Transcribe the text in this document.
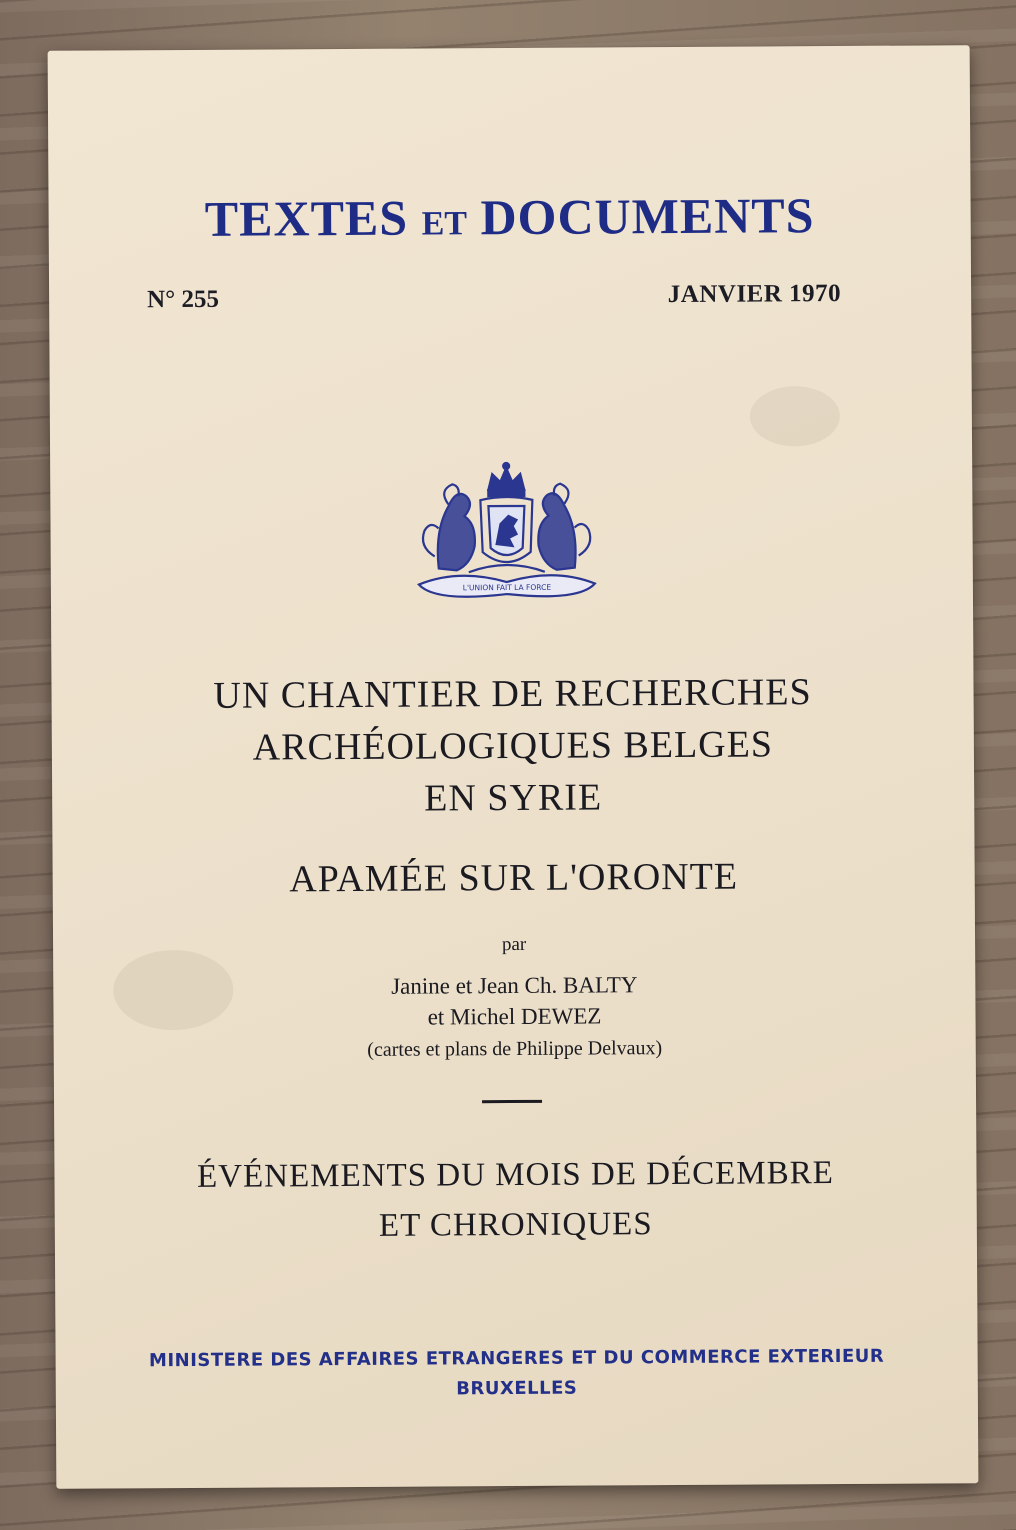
TEXTES ET DOCUMENTS
N° 255	JANVIER 1970
L'UNION FAIT LA FORCE
UN CHANTIER DE RECHERCHES
ARCHÉOLOGIQUES BELGES
EN SYRIE
APAMÉE SUR L'ORONTE
par
Janine et Jean Ch. BALTY
et Michel DEWEZ
(cartes et plans de Philippe Delvaux)
ÉVÉNEMENTS DU MOIS DE DÉCEMBRE
ET CHRONIQUES
MINISTERE DES AFFAIRES ETRANGERES ET DU COMMERCE EXTERIEUR
BRUXELLES
